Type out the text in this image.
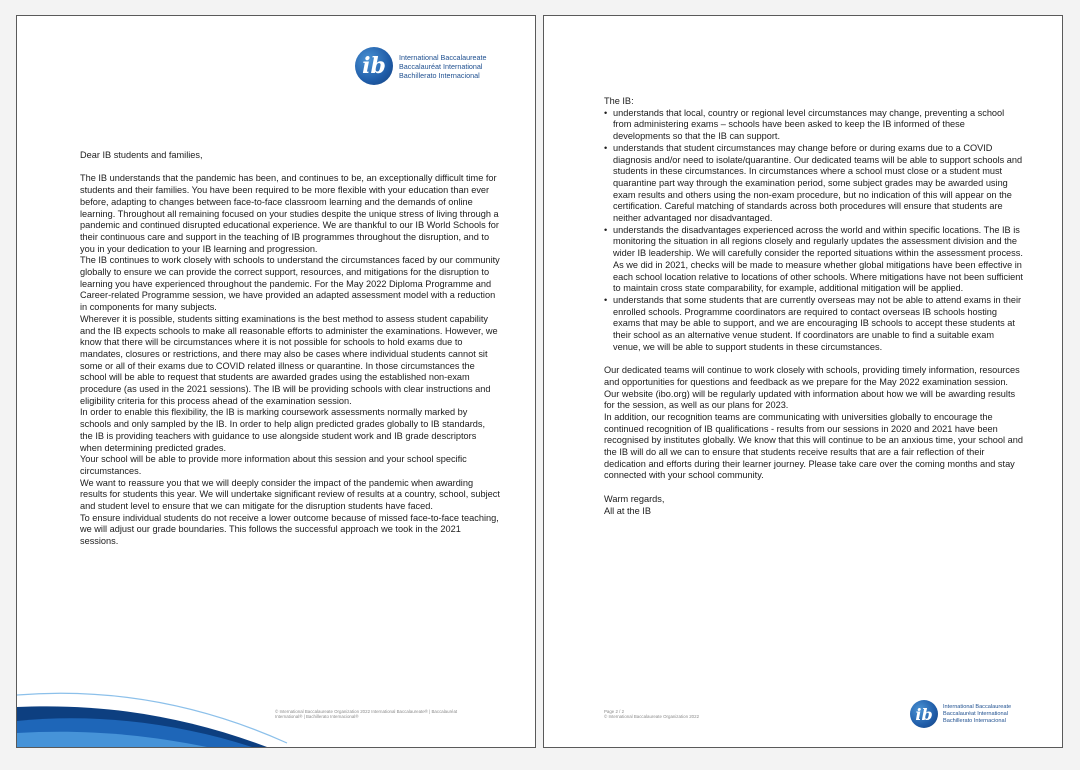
ib	International Baccalaureate
Baccalauréat International
Bachillerato Internacional

Dear IB students and families,

The IB understands that the pandemic has been, and continues to be, an exceptionally difficult time for students and their families. You have been required to be more flexible with your education than ever before, adapting to changes between face-to-face classroom learning and the demands of online learning. Throughout all remaining focused on your studies despite the unique stress of living through a pandemic and continued disrupted educational experience. We are thankful to our IB World Schools for their continuous care and support in the teaching of IB programmes throughout the disruption, and to you in your dedication to your IB learning and progression.

The IB continues to work closely with schools to understand the circumstances faced by our community globally to ensure we can provide the correct support, resources, and mitigations for the disruption to learning you have experienced throughout the pandemic. For the May 2022 Diploma Programme and Career-related Programme session, we have provided an adapted assessment model with a reduction in components for many subjects.

Wherever it is possible, students sitting examinations is the best method to assess student capability and the IB expects schools to make all reasonable efforts to administer the examinations. However, we know that there will be circumstances where it is not possible for schools to hold exams due to mandates, closures or restrictions, and there may also be cases where individual students cannot sit some or all of their exams due to COVID related illness or quarantine. In those circumstances the school will be able to request that students are awarded grades using the established non-exam procedure (as used in the 2021 sessions). The IB will be providing schools with clear instructions and eligibility criteria for this process ahead of the examination session.

In order to enable this flexibility, the IB is marking coursework assessments normally marked by schools and only sampled by the IB. In order to help align predicted grades globally to IB standards, the IB is providing teachers with guidance to use alongside student work and IB grade descriptors when determining predicted grades.

Your school will be able to provide more information about this session and your school specific circumstances.

We want to reassure you that we will deeply consider the impact of the pandemic when awarding results for students this year. We will undertake significant review of results at a country, school, subject and student level to ensure that we can mitigate for the disruption students have faced.

To ensure individual students do not receive a lower outcome because of missed face-to-face teaching, we will adjust our grade boundaries. This follows the successful approach we took in the 2021 sessions.

© International Baccalaureate Organization 2022 International Baccalaureate® | Baccalauréat International® | Bachillerato Internacional®

The IB:

• understands that local, country or regional level circumstances may change, preventing a school from administering exams – schools have been asked to keep the IB informed of these developments so that the IB can support.
• understands that student circumstances may change before or during exams due to a COVID diagnosis and/or need to isolate/quarantine. Our dedicated teams will be able to support schools and students in these circumstances. In circumstances where a school must close or a student must quarantine part way through the examination period, some subject grades may be awarded using exam results and others using the non-exam procedure, but no indication of this will appear on the certification. Careful matching of standards across both procedures will ensure that students are neither advantaged nor disadvantaged.
• understands the disadvantages experienced across the world and within specific locations. The IB is monitoring the situation in all regions closely and regularly updates the assessment division and the wider IB leadership. We will carefully consider the reported situations within the assessment process. As we did in 2021, checks will be made to measure whether global mitigations have been effective in each school location relative to locations of other schools. Where mitigations have not been sufficient to maintain cross state comparability, for example, additional mitigation will be applied.
• understands that some students that are currently overseas may not be able to attend exams in their enrolled schools. Programme coordinators are required to contact overseas IB schools hosting exams that may be able to support, and we are encouraging IB schools to accept these students at their school as an alternative venue student. If coordinators are unable to find a suitable exam venue, we will be able to support students in these circumstances.

Our dedicated teams will continue to work closely with schools, providing timely information, resources and opportunities for questions and feedback as we prepare for the May 2022 examination session. Our website (ibo.org) will be regularly updated with information about how we will be awarding results for the session, as well as our plans for 2023.

In addition, our recognition teams are communicating with universities globally to encourage the continued recognition of IB qualifications - results from our sessions in 2020 and 2021 have been recognised by institutes globally. We know that this will continue to be an anxious time, your school and the IB will do all we can to ensure that students receive results that are a fair reflection of their dedication and efforts during their learner journey. Please take care over the coming months and stay connected with your school community.

Warm regards,

All at the IB

Page 2 / 2
© International Baccalaureate Organization 2022	ib	International Baccalaureate
Baccalauréat International
Bachillerato Internacional
